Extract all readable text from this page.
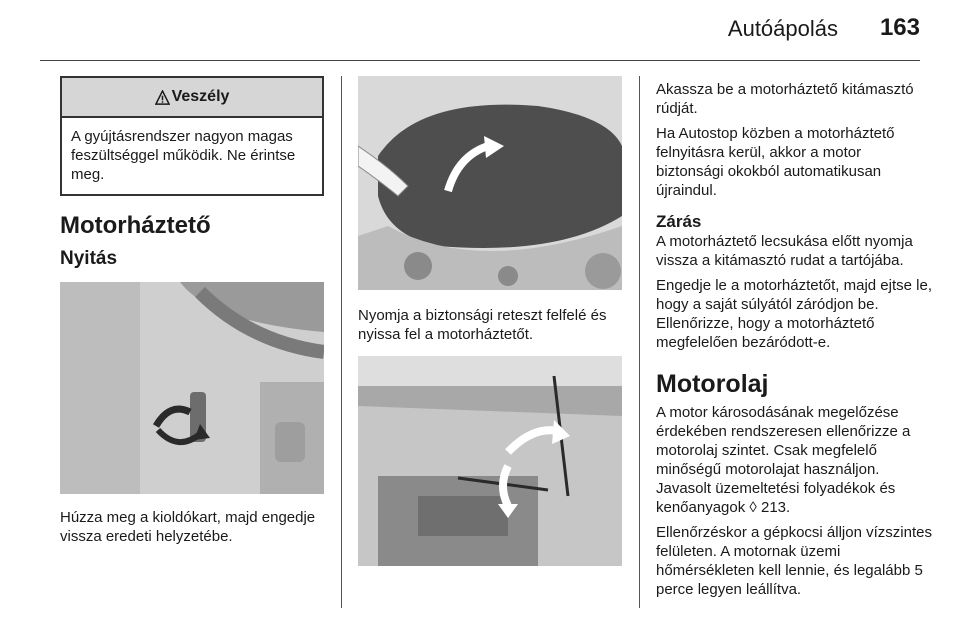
Autóápolás 163
Veszély
A gyújtásrendszer nagyon magas feszültséggel működik. Ne érintse meg.
Motorháztető
Nyitás

Húzza meg a kioldókart, majd engedje vissza eredeti helyzetébe.

Nyomja a biztonsági reteszt felfelé és nyissa fel a motorháztetőt.

Akassza be a motorháztető kitámasztó rúdját.

Ha Autostop közben a motorháztető felnyitásra kerül, akkor a motor biztonsági okokból automatikusan újraindul.

Zárás

A motorháztető lecsukása előtt nyomja vissza a kitámasztó rudat a tartójába.

Engedje le a motorháztetőt, majd ejtse le, hogy a saját súlyától záródjon be. Ellenőrizze, hogy a motorháztető megfelelően bezáródott-e.

Motorolaj

A motor károsodásának megelőzése érdekében rendszeresen ellenőrizze a motorolaj szintet. Csak megfelelő minőségű motorolajat használjon. Javasolt üzemeltetési folyadékok és kenőanyagok ◊ 213.

Ellenőrzéskor a gépkocsi álljon vízszintes felületen. A motornak üzemi hőmérsékleten kell lennie, és legalább 5 perce legyen leállítva.
